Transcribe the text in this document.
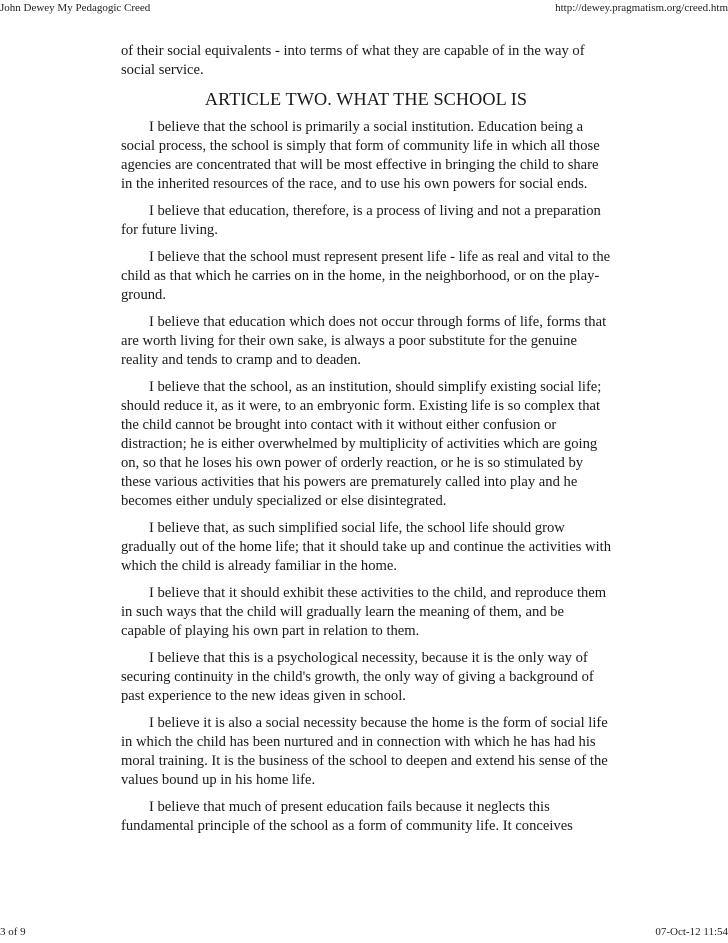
John Dewey My Pedagogic Creed	http://dewey.pragmatism.org/creed.htm

of their social equivalents - into terms of what they are capable of in the way of social service.

ARTICLE TWO. WHAT THE SCHOOL IS

I believe that the school is primarily a social institution. Education being a social process, the school is simply that form of community life in which all those agencies are concentrated that will be most effective in bringing the child to share in the inherited resources of the race, and to use his own powers for social ends.

I believe that education, therefore, is a process of living and not a preparation for future living.

I believe that the school must represent present life - life as real and vital to the child as that which he carries on in the home, in the neighborhood, or on the play-ground.

I believe that education which does not occur through forms of life, forms that are worth living for their own sake, is always a poor substitute for the genuine reality and tends to cramp and to deaden.

I believe that the school, as an institution, should simplify existing social life; should reduce it, as it were, to an embryonic form. Existing life is so complex that the child cannot be brought into contact with it without either confusion or distraction; he is either overwhelmed by multiplicity of activities which are going on, so that he loses his own power of orderly reaction, or he is so stimulated by these various activities that his powers are prematurely called into play and he becomes either unduly specialized or else disintegrated.

I believe that, as such simplified social life, the school life should grow gradually out of the home life; that it should take up and continue the activities with which the child is already familiar in the home.

I believe that it should exhibit these activities to the child, and reproduce them in such ways that the child will gradually learn the meaning of them, and be capable of playing his own part in relation to them.

I believe that this is a psychological necessity, because it is the only way of securing continuity in the child's growth, the only way of giving a background of past experience to the new ideas given in school.

I believe it is also a social necessity because the home is the form of social life in which the child has been nurtured and in connection with which he has had his moral training. It is the business of the school to deepen and extend his sense of the values bound up in his home life.

I believe that much of present education fails because it neglects this fundamental principle of the school as a form of community life. It conceives

3 of 9	07-Oct-12 11:54
